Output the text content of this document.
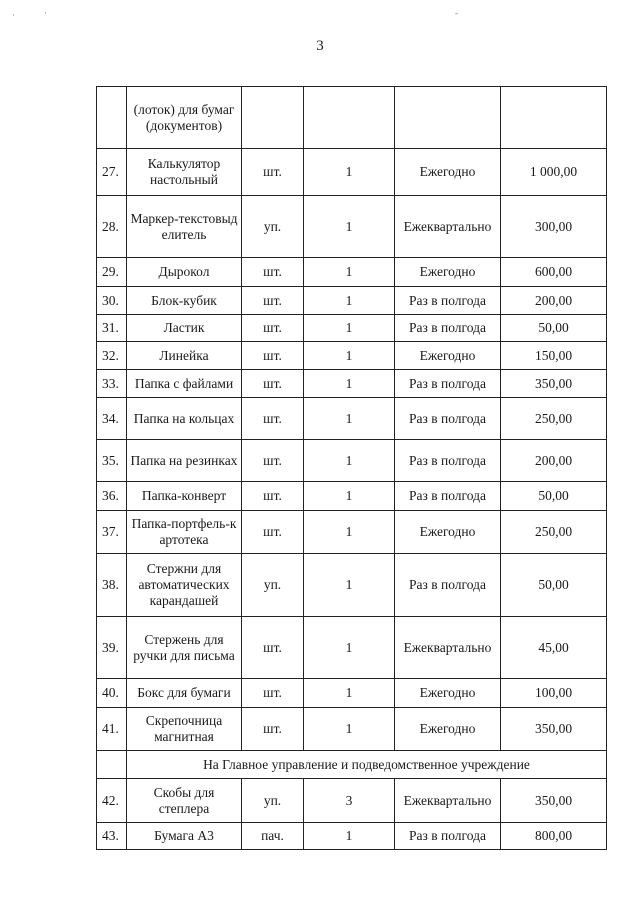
3
·	·	-
	(лоток) для бумаг (документов)				
27.	Калькулятор настольный	шт.	1	Ежегодно	1 000,00
28.	Маркер-текстовыделитель	уп.	1	Ежеквартально	300,00
29.	Дырокол	шт.	1	Ежегодно	600,00
30.	Блок-кубик	шт.	1	Раз в полгода	200,00
31.	Ластик	шт.	1	Раз в полгода	50,00
32.	Линейка	шт.	1	Ежегодно	150,00
33.	Папка с файлами	шт.	1	Раз в полгода	350,00
34.	Папка на кольцах	шт.	1	Раз в полгода	250,00
35.	Папка на резинках	шт.	1	Раз в полгода	200,00
36.	Папка-конверт	шт.	1	Раз в полгода	50,00
37.	Папка-портфель-картотека	шт.	1	Ежегодно	250,00
38.	Стержни для автоматических карандашей	уп.	1	Раз в полгода	50,00
39.	Стержень для ручки для письма	шт.	1	Ежеквартально	45,00
40.	Бокс для бумаги	шт.	1	Ежегодно	100,00
41.	Скрепочница магнитная	шт.	1	Ежегодно	350,00
	На Главное управление и подведомственное учреждение				
42.	Скобы для степлера	уп.	3	Ежеквартально	350,00
43.	Бумага А3	пач.	1	Раз в полгода	800,00
